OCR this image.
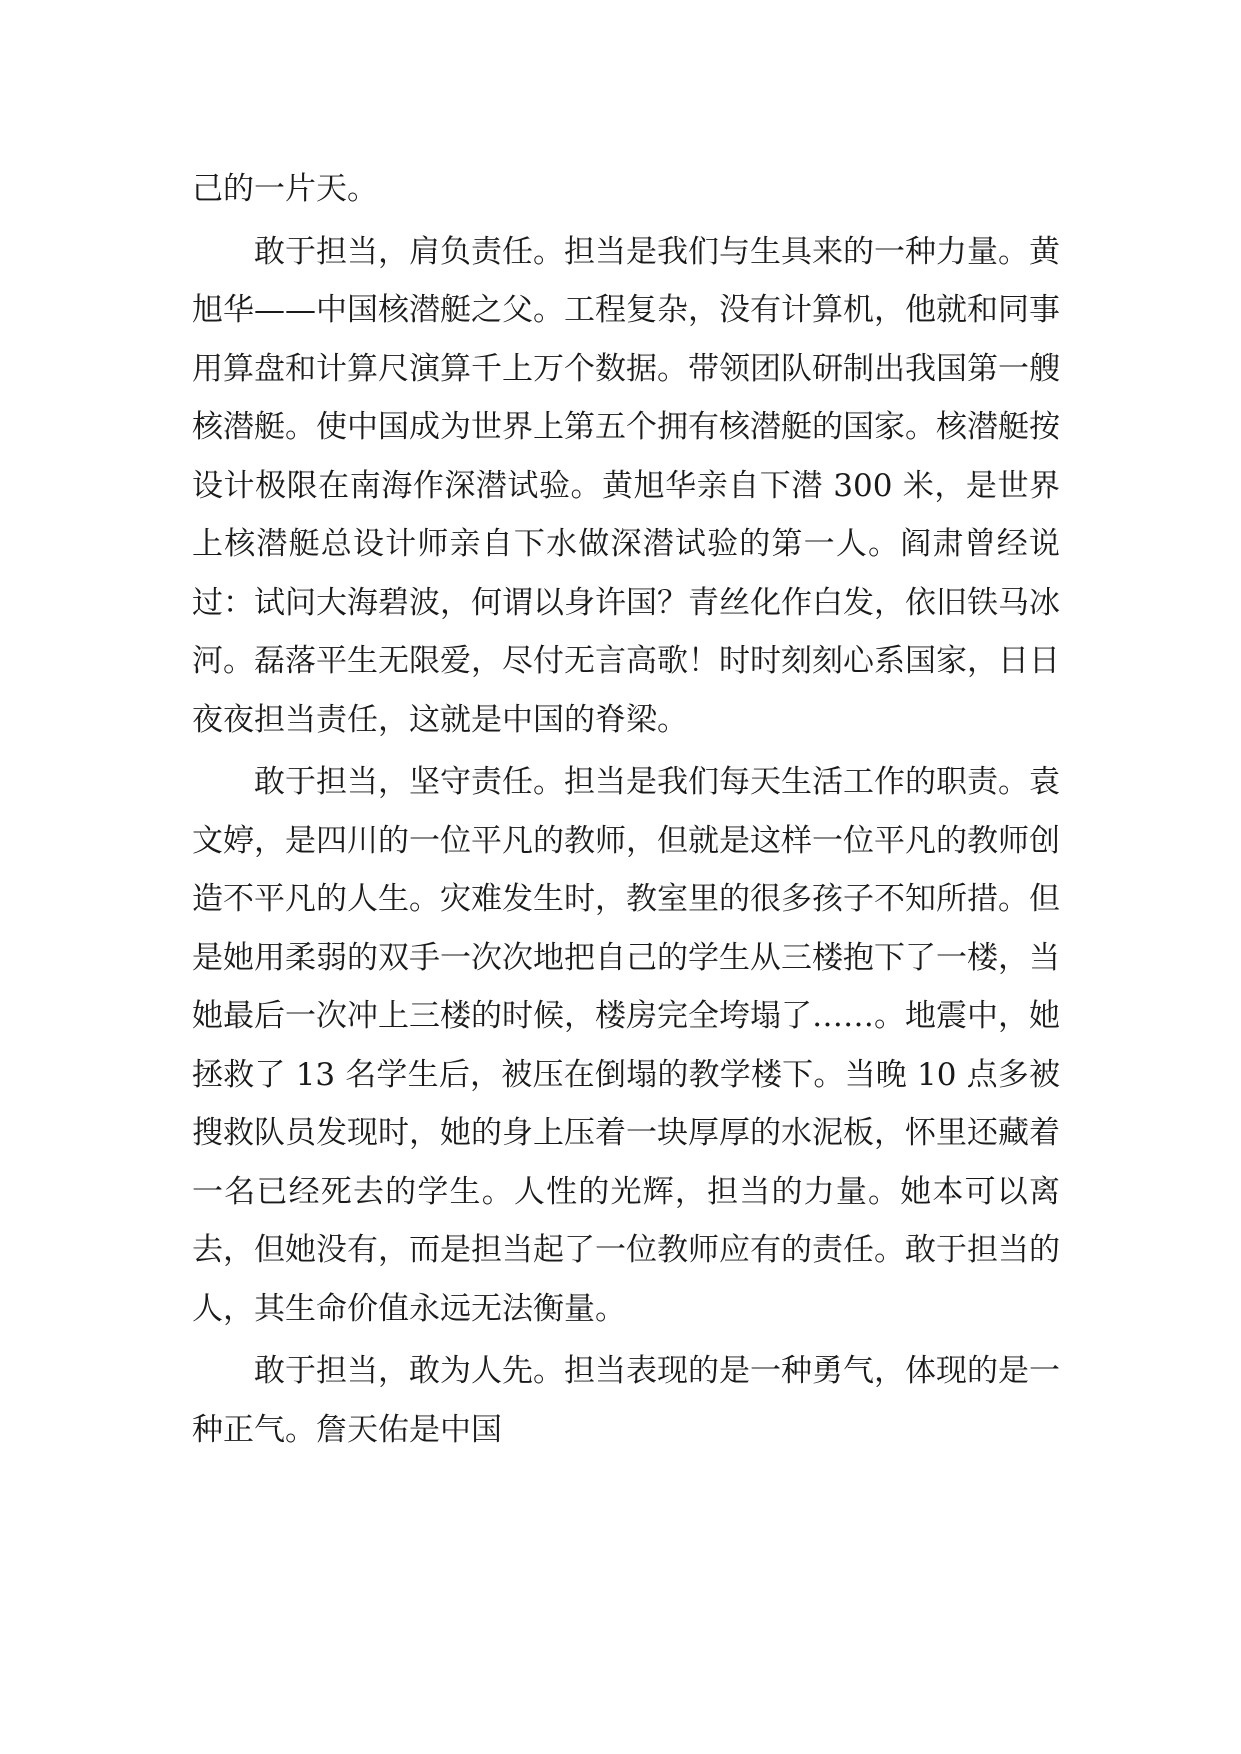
己的一片天。

敢于担当，肩负责任。担当是我们与生具来的一种力量。黄旭华——中国核潜艇之父。工程复杂，没有计算机，他就和同事用算盘和计算尺演算千上万个数据。带领团队研制出我国第一艘核潜艇。使中国成为世界上第五个拥有核潜艇的国家。核潜艇按设计极限在南海作深潜试验。黄旭华亲自下潜 300 米，是世界上核潜艇总设计师亲自下水做深潜试验的第一人。阎肃曾经说过：试问大海碧波，何谓以身许国？青丝化作白发，依旧铁马冰河。磊落平生无限爱，尽付无言高歌！时时刻刻心系国家，日日夜夜担当责任，这就是中国的脊梁。

敢于担当，坚守责任。担当是我们每天生活工作的职责。袁文婷，是四川的一位平凡的教师，但就是这样一位平凡的教师创造不平凡的人生。灾难发生时，教室里的很多孩子不知所措。但是她用柔弱的双手一次次地把自己的学生从三楼抱下了一楼，当她最后一次冲上三楼的时候，楼房完全垮塌了……。地震中，她拯救了 13 名学生后，被压在倒塌的教学楼下。当晚 10 点多被搜救队员发现时，她的身上压着一块厚厚的水泥板，怀里还藏着一名已经死去的学生。人性的光辉，担当的力量。她本可以离去，但她没有，而是担当起了一位教师应有的责任。敢于担当的人，其生命价值永远无法衡量。

敢于担当，敢为人先。担当表现的是一种勇气，体现的是一种正气。詹天佑是中国
